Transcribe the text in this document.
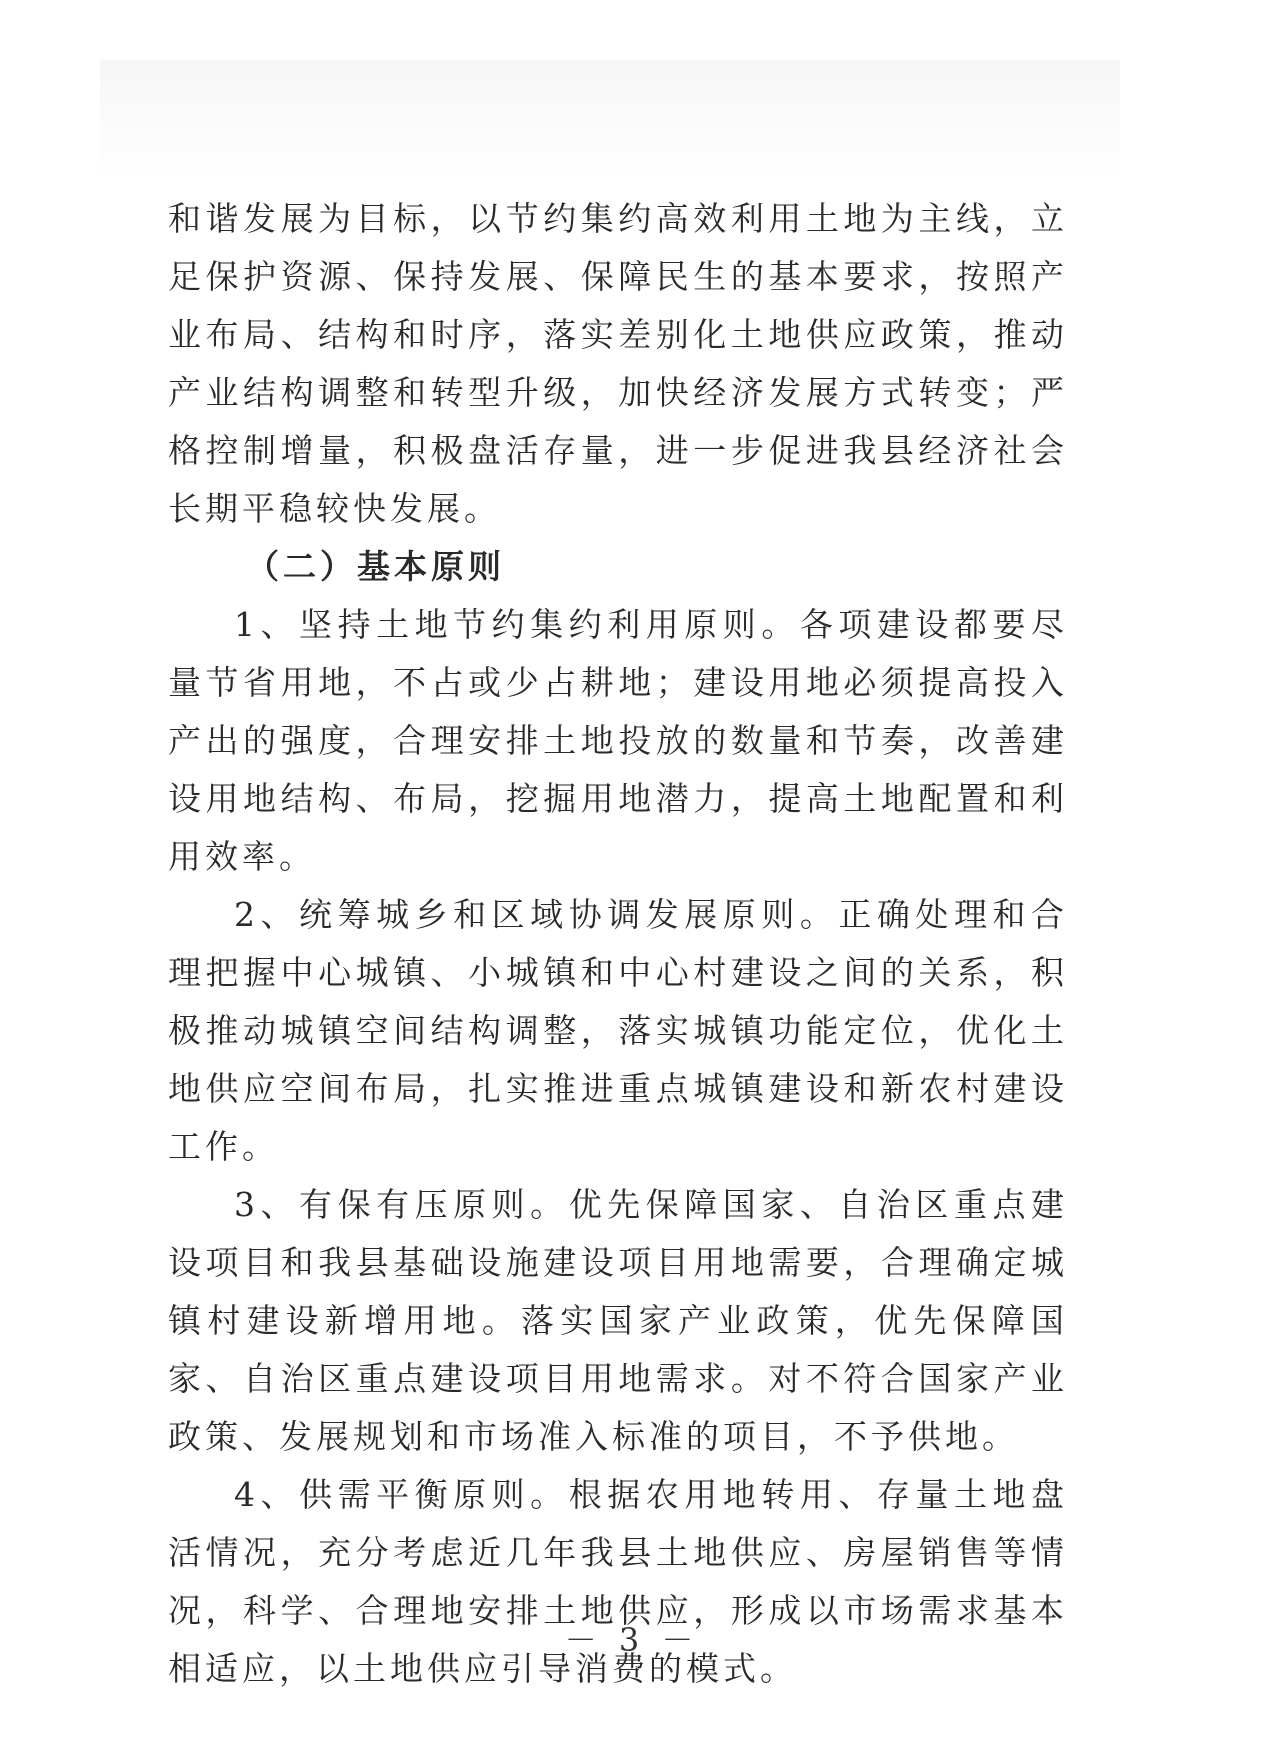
和谐发展为目标，以节约集约高效利用土地为主线，立足保护资源、保持发展、保障民生的基本要求，按照产业布局、结构和时序，落实差别化土地供应政策，推动产业结构调整和转型升级，加快经济发展方式转变；严格控制增量，积极盘活存量，进一步促进我县经济社会长期平稳较快发展。

（二）基本原则

1、坚持土地节约集约利用原则。各项建设都要尽量节省用地，不占或少占耕地；建设用地必须提高投入产出的强度，合理安排土地投放的数量和节奏，改善建设用地结构、布局，挖掘用地潜力，提高土地配置和利用效率。

2、统筹城乡和区域协调发展原则。正确处理和合理把握中心城镇、小城镇和中心村建设之间的关系，积极推动城镇空间结构调整，落实城镇功能定位，优化土地供应空间布局，扎实推进重点城镇建设和新农村建设工作。

3、有保有压原则。优先保障国家、自治区重点建设项目和我县基础设施建设项目用地需要，合理确定城镇村建设新增用地。落实国家产业政策，优先保障国家、自治区重点建设项目用地需求。对不符合国家产业政策、发展规划和市场准入标准的项目，不予供地。

4、供需平衡原则。根据农用地转用、存量土地盘活情况，充分考虑近几年我县土地供应、房屋销售等情况，科学、合理地安排土地供应，形成以市场需求基本相适应，以土地供应引导消费的模式。

－ 3 －
